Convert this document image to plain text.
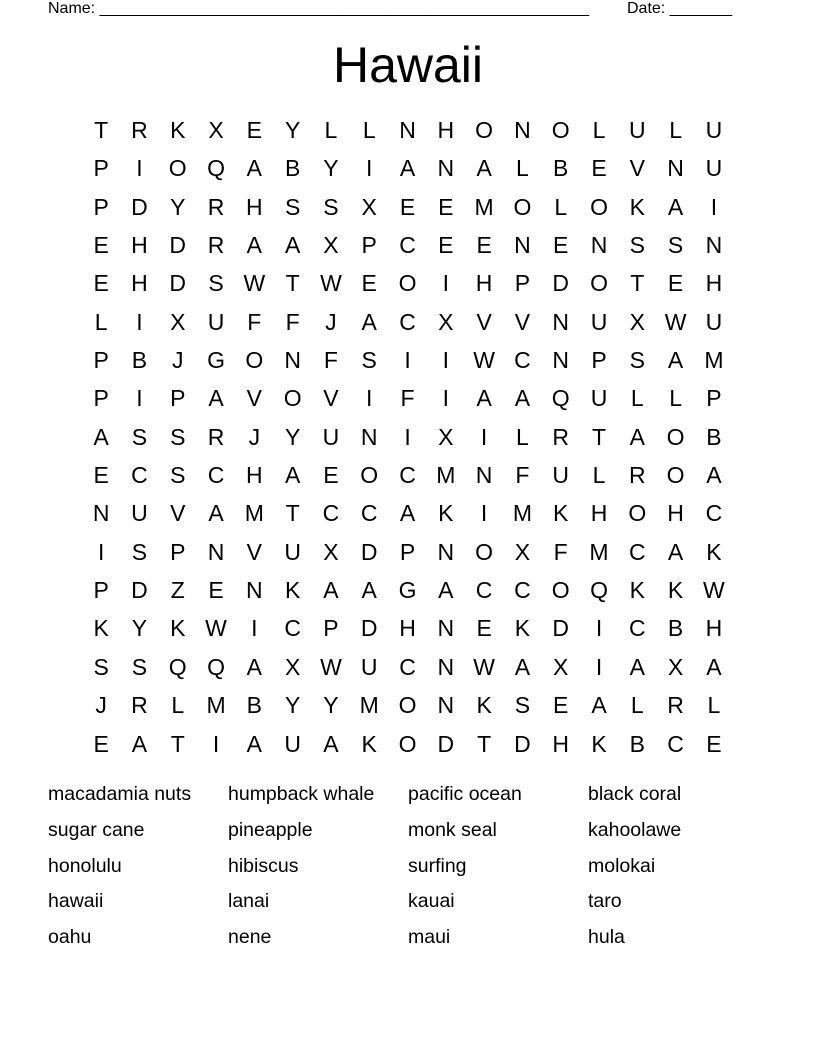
Name: _______________________________________________________ Date: _______
Hawaii
T R K X E Y	L	L	N H O N O L	U	L	U
P	I	O Q A B Y	I	A N A	L	B E V N U
P D Y R H S S X E E M O L O K A	I
E H D R A A X P C E E N E N S S N
E H D S W T W E O	I	H P D O T	E H
L	I	X U F	F	J	A C X V V N U X W U
P B	J	G O N F	S	I	I	W C N P S A M
P	I	P A V O V	I	F	I	A A Q U	L	L	P
A S S R	J	Y U N	I	X	I	L	R T	A O B
E C S C H A E O C M N F U	L	R O A
N U V A M T C C A K	I	M K H O H C
I	S P N V U X D P N O X	F M C A K
P D Z	E N K A A G A C C O Q K K W
K Y K W	I	C P D H N E K D	I	C B H
S S Q Q A X W U C N W A X	I	A X A
J	R	L M B Y Y M O N K S E A	L	R	L
E A	T	I	A U A K O D T D H K B C E
macadamia nuts	humpback whale	pacific ocean	black coral
sugar cane	pineapple	monk seal	kahoolawe
honolulu	hibiscus	surfing	molokai
hawaii	lanai	kauai	taro
oahu	nene	maui	hula
